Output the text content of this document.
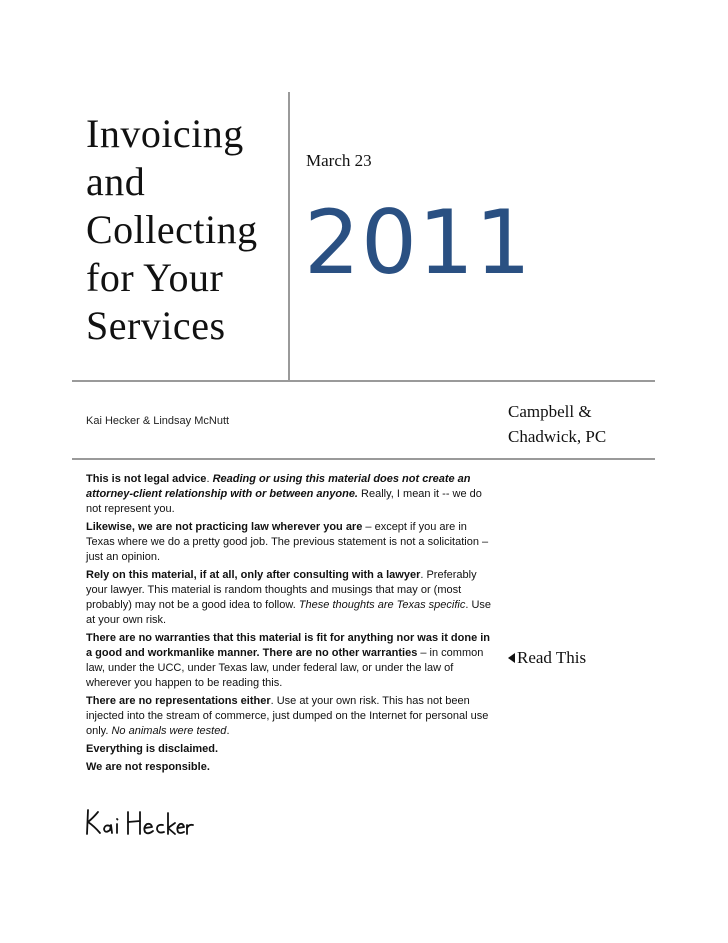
Invoicing and Collecting for Your Services
March 23
2011
Kai Hecker & Lindsay McNutt	Campbell &
Chadwick, PC

This is not legal advice. Reading or using this material does not create an attorney-client relationship with or between anyone. Really, I mean it -- we do not represent you.

Likewise, we are not practicing law wherever you are – except if you are in Texas where we do a pretty good job. The previous statement is not a solicitation – just an opinion.

Rely on this material, if at all, only after consulting with a lawyer. Preferably your lawyer. This material is random thoughts and musings that may or (most probably) may not be a good idea to follow. These thoughts are Texas specific. Use at your own risk.

There are no warranties that this material is fit for anything nor was it done in a good and workmanlike manner. There are no other warranties – in common law, under the UCC, under Texas law, under federal law, or under the law of wherever you happen to be reading this.

There are no representations either. Use at your own risk. This has not been injected into the stream of commerce, just dumped on the Internet for personal use only. No animals were tested.

Everything is disclaimed.

We are not responsible.

Read This
